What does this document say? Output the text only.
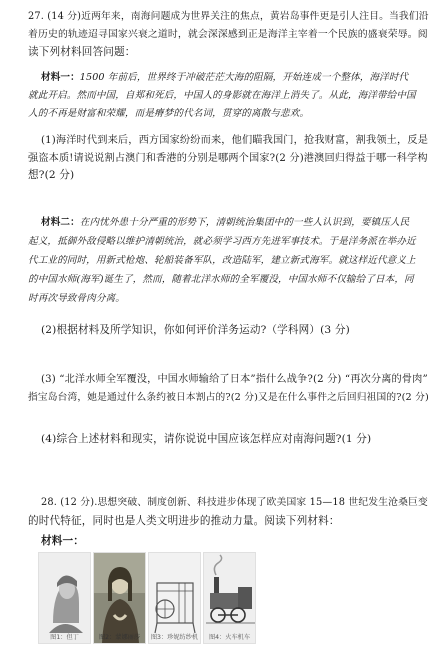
27. (14 分)近两年来，南海问题成为世界关注的焦点，黄岩岛事件更是引人注目。当我们沿
着历史的轨迹迢寻国家兴衰之道时，就会深深感到正是海洋主宰着一个民族的盛衰荣辱。阅
读下列材料回答问题：
材料一：1500 年前后，世界终于冲破茫茫大海的阻隔，开始连成一个整体，海洋时代
就此开启。然而中国，自郑和死后，中国人的身影就在海洋上消失了。从此，海洋带给中国
人的不再是财富和荣耀，而是瘠梦的代名词，贯穿的离散与悲欢。
(1)海洋时代到来后，西方国家纷纷而来，他们瞄我国门，抢我财富，割我领土，反是
强盗本质!请说说割占澳门和香港的分别是哪两个国家?(2 分)港澳回归得益于哪一科学构
想?(2 分)
材料二：在内忧外患十分严重的形势下，清朝统治集团中的一些人认识到，要镇压人民
起义，抵御外敌侵略以维护清朝统治，就必须学习西方先进军事技术。于是洋务派在举办近
代工业的同时，用新式枪炮、轮船装备军队，改造陆军，建立新式海军。就这样近代意义上
的中国水师(海军)诞生了，然而，随着北洋水师的全军覆没，中国水师不仅输给了日本，同
时再次导致骨肉分离。
(2)根据材料及所学知识，你如何评价洋务运动?（学科网）(3 分)
(3) “北洋水师全军覆没，中国水师输给了日本”指什么战争?(2 分) “再次分离的骨肉”
指宝岛台湾，她是通过什么条约被日本割占的?(2 分)又是在什么事件之后回归祖国的?(2 分)
(4)综合上述材料和现实，请你说说中国应该怎样应对南海问题?(1 分)
28. (12 分).思想突破、制度创新、科技进步体现了欧美国家 15—18 世纪发生沧桑巨变
的时代特征，同时也是人类文明进步的推动力量。阅读下列材料：
材料一：
图1：但丁	图2：蒙娜丽莎	图3：珍妮纺纱机	图4：火车机车
